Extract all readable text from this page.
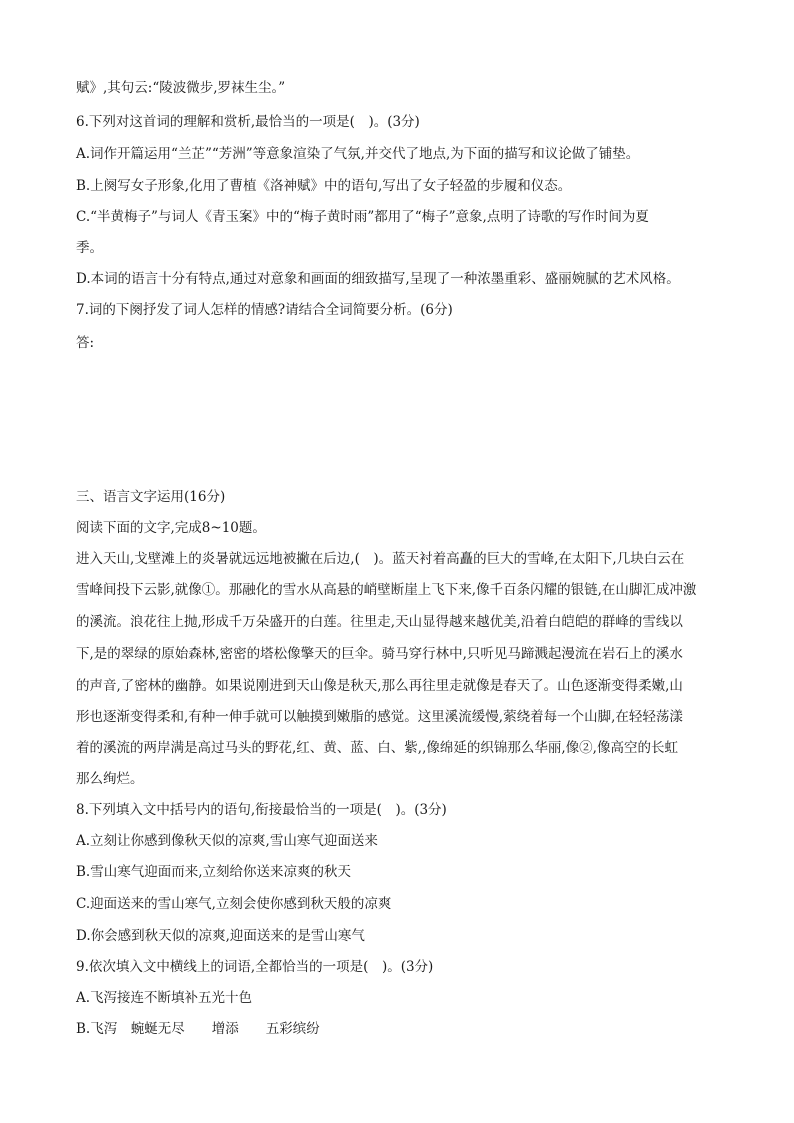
赋》,其句云:“陵波微步,罗袜生尘。”
6.下列对这首词的理解和赏析,最恰当的一项是(　)。(3分)
A.词作开篇运用“兰芷”“芳洲”等意象渲染了气氛,并交代了地点,为下面的描写和议论做了铺垫。
B.上阕写女子形象,化用了曹植《洛神赋》中的语句,写出了女子轻盈的步履和仪态。
C.“半黄梅子”与词人《青玉案》中的“梅子黄时雨”都用了“梅子”意象,点明了诗歌的写作时间为夏
季。
D.本词的语言十分有特点,通过对意象和画面的细致描写,呈现了一种浓墨重彩、盛丽婉腻的艺术风格。
7.词的下阕抒发了词人怎样的情感?请结合全词简要分析。(6分)
答:
三、语言文字运用(16分)
阅读下面的文字,完成8~10题。
进入天山,戈壁滩上的炎暑就远远地被撇在后边,(　)。蓝天衬着高矗的巨大的雪峰,在太阳下,几块白云在
雪峰间投下云影,就像①。那融化的雪水从高悬的峭壁断崖上飞下来,像千百条闪耀的银链,在山脚汇成冲激
的溪流。浪花往上抛,形成千万朵盛开的白莲。往里走,天山显得越来越优美,沿着白皑皑的群峰的雪线以
下,是的翠绿的原始森林,密密的塔松像擎天的巨伞。骑马穿行林中,只听见马蹄溅起漫流在岩石上的溪水
的声音,了密林的幽静。如果说刚进到天山像是秋天,那么再往里走就像是春天了。山色逐渐变得柔嫩,山
形也逐渐变得柔和,有种一伸手就可以触摸到嫩脂的感觉。这里溪流缓慢,萦绕着每一个山脚,在轻轻荡漾
着的溪流的两岸满是高过马头的野花,红、黄、蓝、白、紫,,像绵延的织锦那么华丽,像②,像高空的长虹
那么绚烂。
8.下列填入文中括号内的语句,衔接最恰当的一项是(　)。(3分)
A.立刻让你感到像秋天似的凉爽,雪山寒气迎面送来
B.雪山寒气迎面而来,立刻给你送来凉爽的秋天
C.迎面送来的雪山寒气,立刻会使你感到秋天般的凉爽
D.你会感到秋天似的凉爽,迎面送来的是雪山寒气
9.依次填入文中横线上的词语,全都恰当的一项是(　)。(3分)
A.飞泻接连不断填补五光十色
B.飞泻　蜿蜒无尽　　增添　　五彩缤纷
